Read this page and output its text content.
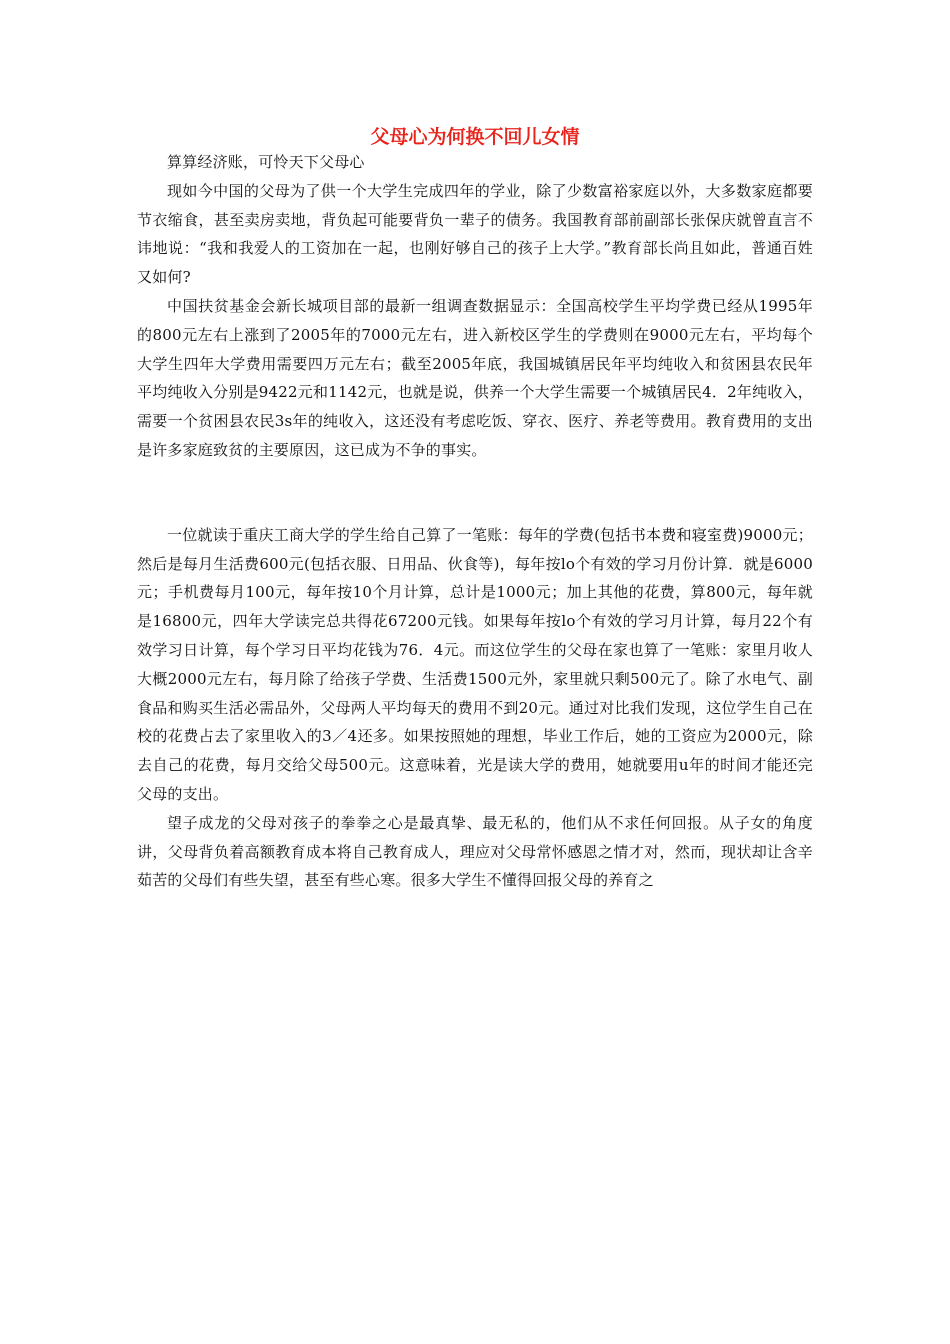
父母心为何换不回儿女情

算算经济账，可怜天下父母心

现如今中国的父母为了供一个大学生完成四年的学业，除了少数富裕家庭以外，大多数家庭都要节衣缩食，甚至卖房卖地，背负起可能要背负一辈子的债务。我国教育部前副部长张保庆就曾直言不讳地说：“我和我爱人的工资加在一起，也刚好够自己的孩子上大学。”教育部长尚且如此，普通百姓又如何?

中国扶贫基金会新长城项目部的最新一组调查数据显示：全国高校学生平均学费已经从1995年的800元左右上涨到了2005年的7000元左右，进入新校区学生的学费则在9000元左右，平均每个大学生四年大学费用需要四万元左右；截至2005年底，我国城镇居民年平均纯收入和贫困县农民年平均纯收入分别是9422元和1142元，也就是说，供养一个大学生需要一个城镇居民4．2年纯收入，需要一个贫困县农民3s年的纯收入，这还没有考虑吃饭、穿衣、医疗、养老等费用。教育费用的支出是许多家庭致贫的主要原因，这已成为不争的事实。

一位就读于重庆工商大学的学生给自己算了一笔账：每年的学费(包括书本费和寝室费)9000元；然后是每月生活费600元(包括衣服、日用品、伙食等)，每年按lo个有效的学习月份计算．就是6000元；手机费每月100元，每年按10个月计算，总计是1000元；加上其他的花费，算800元，每年就是16800元，四年大学读完总共得花67200元钱。如果每年按lo个有效的学习月计算，每月22个有效学习日计算，每个学习日平均花钱为76．4元。而这位学生的父母在家也算了一笔账：家里月收人大概2000元左右，每月除了给孩子学费、生活费1500元外，家里就只剩500元了。除了水电气、副食品和购买生活必需品外，父母两人平均每天的费用不到20元。通过对比我们发现，这位学生自己在校的花费占去了家里收入的3／4还多。如果按照她的理想，毕业工作后，她的工资应为2000元，除去自己的花费，每月交给父母500元。这意味着，光是读大学的费用，她就要用u年的时间才能还完父母的支出。

望子成龙的父母对孩子的拳拳之心是最真挚、最无私的，他们从不求任何回报。从子女的角度讲，父母背负着高额教育成本将自己教育成人，理应对父母常怀感恩之情才对，然而，现状却让含辛茹苦的父母们有些失望，甚至有些心寒。很多大学生不懂得回报父母的养育之
